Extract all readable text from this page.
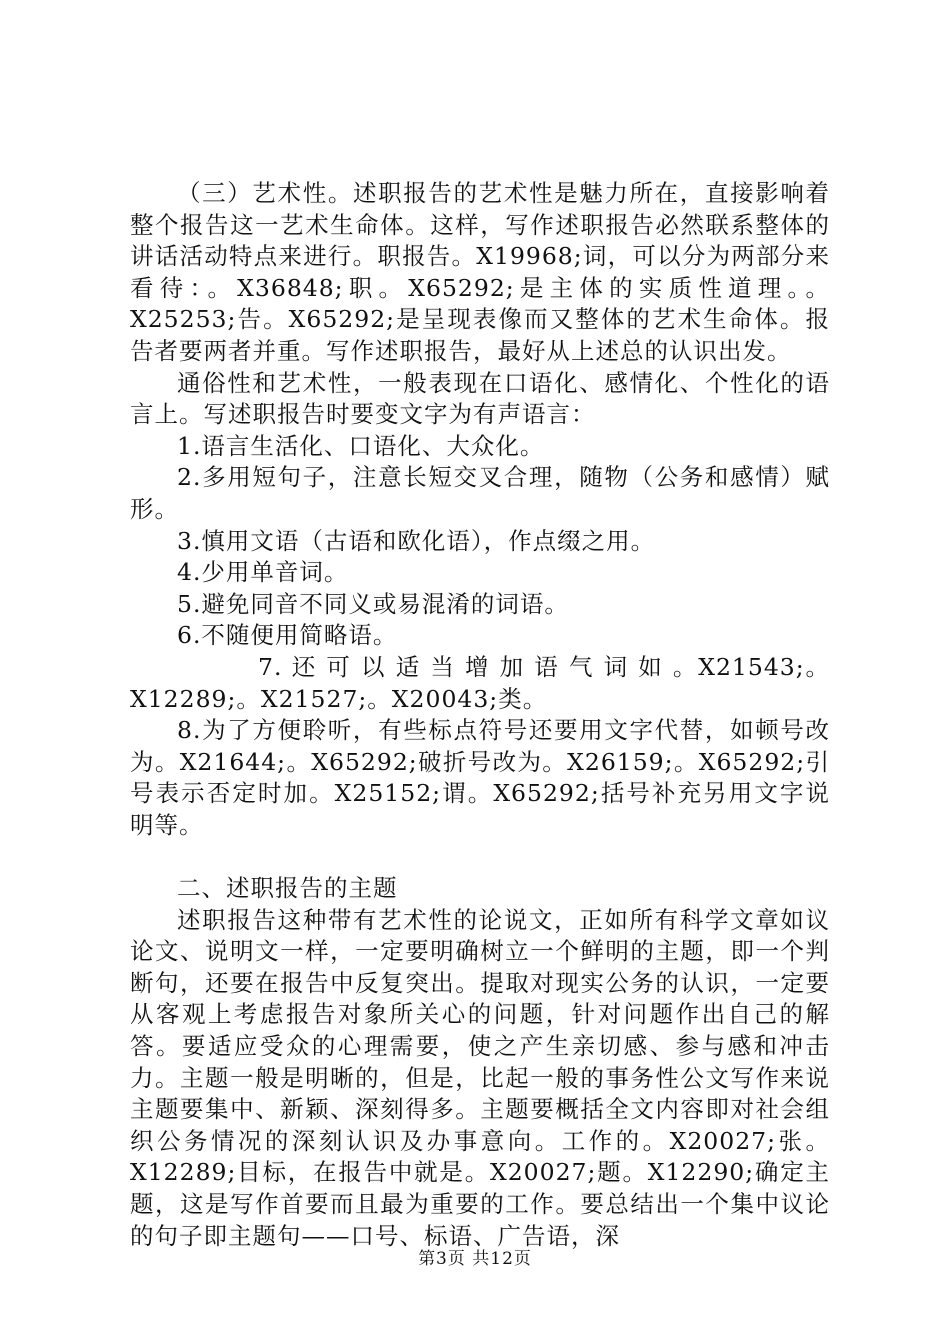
（三）艺术性。述职报告的艺术性是魅力所在，直接影响着整个报告这一艺术生命体。这样，写作述职报告必然联系整体的讲话活动特点来进行。职报告。X19968;词，可以分为两部分来看待：。X36848;职。X65292;是主体的实质性道理。。X25253;告。X65292;是呈现表像而又整体的艺术生命体。报告者要两者并重。写作述职报告，最好从上述总的认识出发。

通俗性和艺术性，一般表现在口语化、感情化、个性化的语言上。写述职报告时要变文字为有声语言：

1.语言生活化、口语化、大众化。

2.多用短句子，注意长短交叉合理，随物（公务和感情）赋形。

3.慎用文语（古语和欧化语），作点缀之用。

4.少用单音词。

5.避免同音不同义或易混淆的词语。

6.不随便用简略语。

7. 还 可 以 适 当 增 加 语 气 词 如 。X21543;。X12289;。X21527;。X20043;类。

8.为了方便聆听，有些标点符号还要用文字代替，如顿号改为。X21644;。X65292;破折号改为。X26159;。X65292;引号表示否定时加。X25152;谓。X65292;括号补充另用文字说明等。

二、述职报告的主题

述职报告这种带有艺术性的论说文，正如所有科学文章如议论文、说明文一样，一定要明确树立一个鲜明的主题，即一个判断句，还要在报告中反复突出。提取对现实公务的认识，一定要从客观上考虑报告对象所关心的问题，针对问题作出自己的解答。要适应受众的心理需要，使之产生亲切感、参与感和冲击力。主题一般是明晰的，但是，比起一般的事务性公文写作来说主题要集中、新颖、深刻得多。主题要概括全文内容即对社会组织公务情况的深刻认识及办事意向。工作的。X20027;张。X12289;目标，在报告中就是。X20027;题。X12290;确定主题，这是写作首要而且最为重要的工作。要总结出一个集中议论的句子即主题句——口号、标语、广告语，深

第3页 共12页
